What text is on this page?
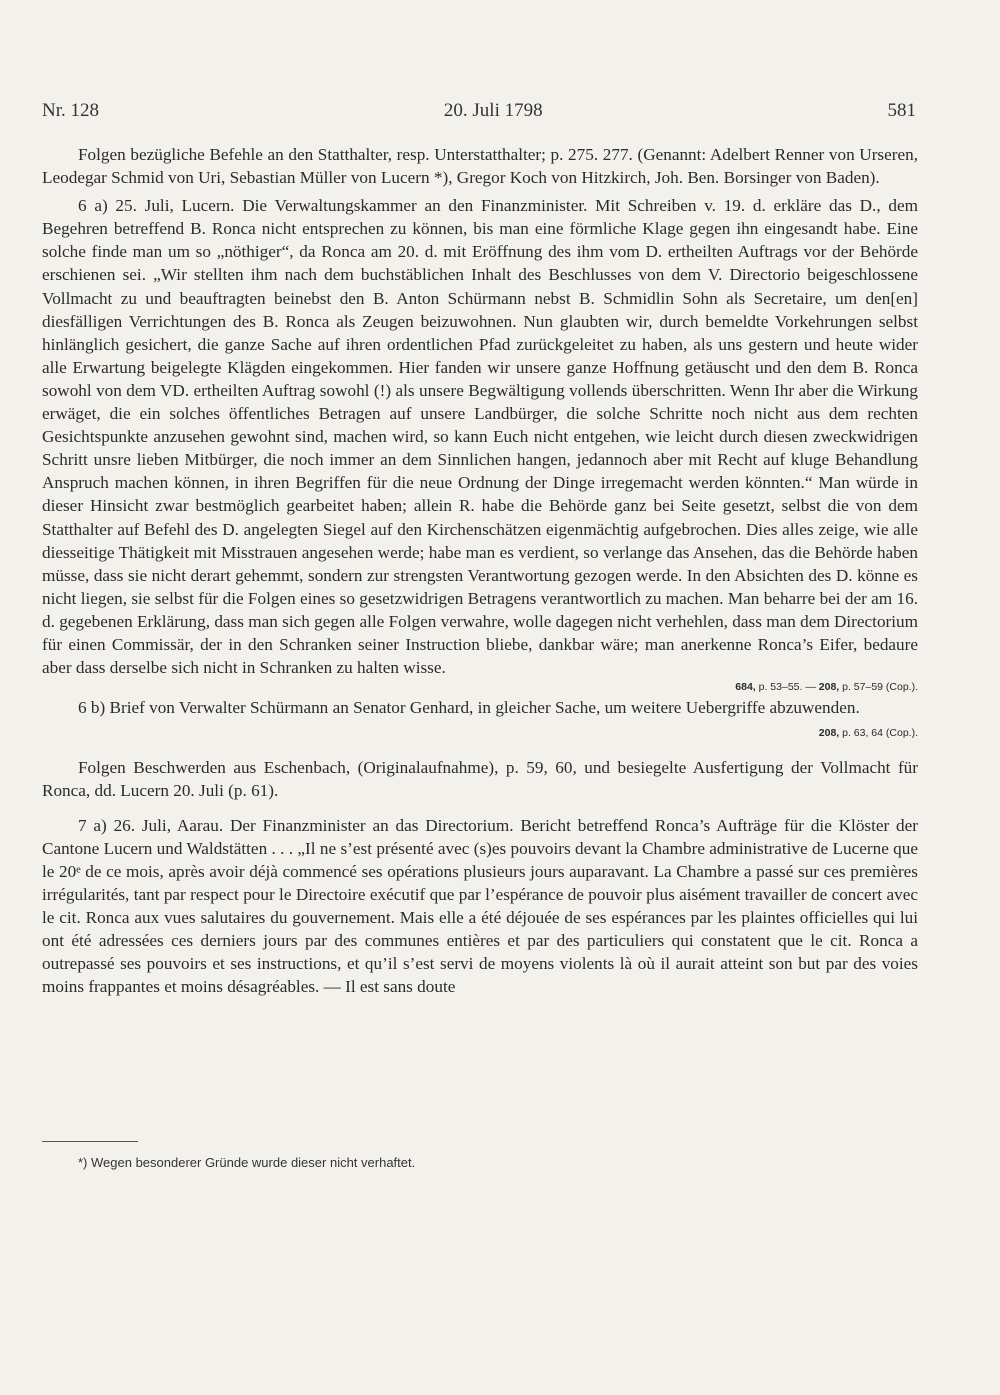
Nr. 128	20. Juli 1798	581

Folgen bezügliche Befehle an den Statthalter, resp. Unterstatthalter; p. 275. 277. (Genannt: Adelbert Renner von Urseren, Leodegar Schmid von Uri, Sebastian Müller von Lucern *), Gregor Koch von Hitzkirch, Joh. Ben. Borsinger von Baden).

6 a) 25. Juli, Lucern. Die Verwaltungskammer an den Finanzminister. Mit Schreiben v. 19. d. erkläre das D., dem Begehren betreffend B. Ronca nicht entsprechen zu können, bis man eine förmliche Klage gegen ihn eingesandt habe. Eine solche finde man um so „nöthiger“, da Ronca am 20. d. mit Eröffnung des ihm vom D. ertheilten Auftrags vor der Behörde erschienen sei. „Wir stellten ihm nach dem buchstäblichen Inhalt des Beschlusses von dem V. Directorio beigeschlossene Vollmacht zu und beauftragten beinebst den B. Anton Schürmann nebst B. Schmidlin Sohn als Secretaire, um den[en] diesfälligen Verrichtungen des B. Ronca als Zeugen beizuwohnen. Nun glaubten wir, durch bemeldte Vorkehrungen selbst hinlänglich gesichert, die ganze Sache auf ihren ordentlichen Pfad zurückgeleitet zu haben, als uns gestern und heute wider alle Erwartung beigelegte Klägden eingekommen. Hier fanden wir unsere ganze Hoffnung getäuscht und den dem B. Ronca sowohl von dem VD. ertheilten Auftrag sowohl (!) als unsere Begwältigung vollends überschritten. Wenn Ihr aber die Wirkung erwäget, die ein solches öffentliches Betragen auf unsere Landbürger, die solche Schritte noch nicht aus dem rechten Gesichtspunkte anzusehen gewohnt sind, machen wird, so kann Euch nicht entgehen, wie leicht durch diesen zweckwidrigen Schritt unsre lieben Mitbürger, die noch immer an dem Sinnlichen hangen, jedannoch aber mit Recht auf kluge Behandlung Anspruch machen können, in ihren Begriffen für die neue Ordnung der Dinge irregemacht werden könnten.“ Man würde in dieser Hinsicht zwar bestmöglich gearbeitet haben; allein R. habe die Behörde ganz bei Seite gesetzt, selbst die von dem Statthalter auf Befehl des D. angelegten Siegel auf den Kirchenschätzen eigenmächtig aufgebrochen. Dies alles zeige, wie alle diesseitige Thätigkeit mit Misstrauen angesehen werde; habe man es verdient, so verlange das Ansehen, das die Behörde haben müsse, dass sie nicht derart gehemmt, sondern zur strengsten Verantwortung gezogen werde. In den Absichten des D. könne es nicht liegen, sie selbst für die Folgen eines so gesetzwidrigen Betragens verantwortlich zu machen. Man beharre bei der am 16. d. gegebenen Erklärung, dass man sich gegen alle Folgen verwahre, wolle dagegen nicht verhehlen, dass man dem Directorium für einen Commissär, der in den Schranken seiner Instruction bliebe, dankbar wäre; man anerkenne Ronca’s Eifer, bedaure aber dass derselbe sich nicht in Schranken zu halten wisse.

684, p. 53–55. — 208, p. 57–59 (Cop.).

6 b) Brief von Verwalter Schürmann an Senator Genhard, in gleicher Sache, um weitere Uebergriffe abzuwenden.
208, p. 63, 64 (Cop.).

Folgen Beschwerden aus Eschenbach, (Originalaufnahme), p. 59, 60, und besiegelte Ausfertigung der Vollmacht für Ronca, dd. Lucern 20. Juli (p. 61).

7 a) 26. Juli, Aarau. Der Finanzminister an das Directorium. Bericht betreffend Ronca’s Aufträge für die Klöster der Cantone Lucern und Waldstätten . . . „Il ne s’est présenté avec (s)es pouvoirs devant la Chambre administrative de Lucerne que le 20ᵉ de ce mois, après avoir déjà commencé ses opérations plusieurs jours auparavant. La Chambre a passé sur ces premières irrégularités, tant par respect pour le Directoire exécutif que par l’espérance de pouvoir plus aisément travailler de concert avec le cit. Ronca aux vues salutaires du gouvernement. Mais elle a été déjouée de ses espérances par les plaintes officielles qui lui ont été adressées ces derniers jours par des communes entières et par des particuliers qui constatent que le cit. Ronca a outrepassé ses pouvoirs et ses instructions, et qu’il s’est servi de moyens violents là où il aurait atteint son but par des voies moins frappantes et moins désagréables. — Il est sans doute

*) Wegen besonderer Gründe wurde dieser nicht verhaftet.
